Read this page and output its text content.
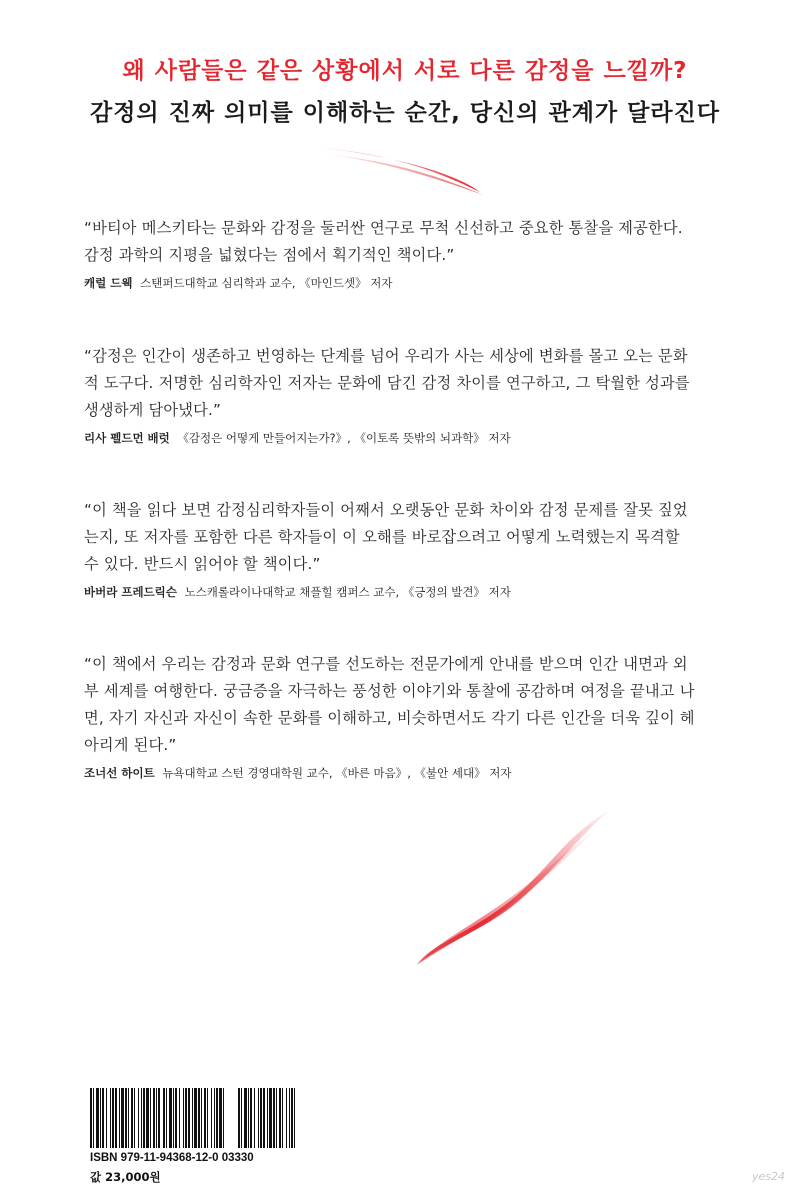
왜 사람들은 같은 상황에서 서로 다른 감정을 느낄까?
감정의 진짜 의미를 이해하는 순간, 당신의 관계가 달라진다

“바티아 메스키타는 문화와 감정을 둘러싼 연구로 무척 신선하고 중요한 통찰을 제공한다.

감정 과학의 지평을 넓혔다는 점에서 획기적인 책이다.”

캐럴 드웩 스탠퍼드대학교 심리학과 교수, 《마인드셋》 저자

“감정은 인간이 생존하고 번영하는 단계를 넘어 우리가 사는 세상에 변화를 몰고 오는 문화

적 도구다. 저명한 심리학자인 저자는 문화에 담긴 감정 차이를 연구하고, 그 탁월한 성과를

생생하게 담아냈다.”

리사 펠드먼 배럿 《감정은 어떻게 만들어지는가?》, 《이토록 뜻밖의 뇌과학》 저자

“이 책을 읽다 보면 감정심리학자들이 어째서 오랫동안 문화 차이와 감정 문제를 잘못 짚었

는지, 또 저자를 포함한 다른 학자들이 이 오해를 바로잡으려고 어떻게 노력했는지 목격할

수 있다. 반드시 읽어야 할 책이다.”

바버라 프레드릭슨 노스캐롤라이나대학교 채플힐 캠퍼스 교수, 《긍정의 발견》 저자

“이 책에서 우리는 감정과 문화 연구를 선도하는 전문가에게 안내를 받으며 인간 내면과 외

부 세계를 여행한다. 궁금증을 자극하는 풍성한 이야기와 통찰에 공감하며 여정을 끝내고 나

면, 자기 자신과 자신이 속한 문화를 이해하고, 비슷하면서도 각기 다른 인간을 더욱 깊이 헤

아리게 된다.”

조너선 하이트 뉴욕대학교 스턴 경영대학원 교수, 《바른 마음》, 《불안 세대》 저자
ISBN 979-11-94368-12-0 03330
값 23,000원	yes24
